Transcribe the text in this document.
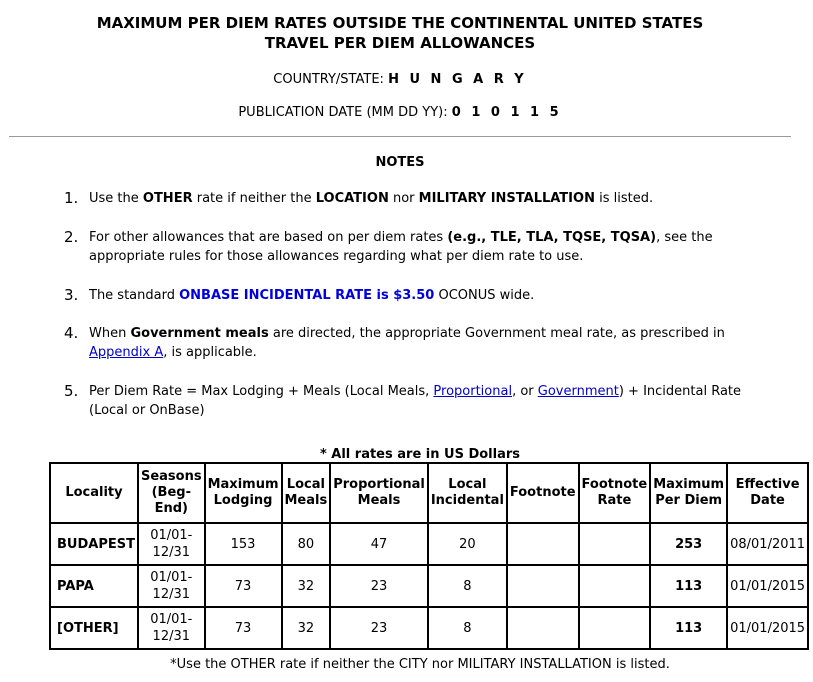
MAXIMUM PER DIEM RATES OUTSIDE THE CONTINENTAL UNITED STATES
TRAVEL PER DIEM ALLOWANCES
COUNTRY/STATE: H U N G A R Y
PUBLICATION DATE (MM DD YY): 0 1 0 1 1 5
NOTES
1. Use the OTHER rate if neither the LOCATION nor MILITARY INSTALLATION is listed.
2. For other allowances that are based on per diem rates (e.g., TLE, TLA, TQSE, TQSA), see the appropriate rules for those allowances regarding what per diem rate to use.
3. The standard ONBASE INCIDENTAL RATE is $3.50 OCONUS wide.
4. When Government meals are directed, the appropriate Government meal rate, as prescribed in Appendix A, is applicable.
5. Per Diem Rate = Max Lodging + Meals (Local Meals, Proportional, or Government) + Incidental Rate (Local or OnBase)
* All rates are in US Dollars
Locality	Seasons (Beg-End)	Maximum Lodging	Local Meals	Proportional Meals	Local Incidental	Footnote	Footnote Rate	Maximum Per Diem	Effective Date
BUDAPEST	01/01-12/31	153	80	47	20			253	08/01/2011
PAPA	01/01-12/31	73	32	23	8			113	01/01/2015
[OTHER]	01/01-12/31	73	32	23	8			113	01/01/2015
*Use the OTHER rate if neither the CITY nor MILITARY INSTALLATION is listed.
